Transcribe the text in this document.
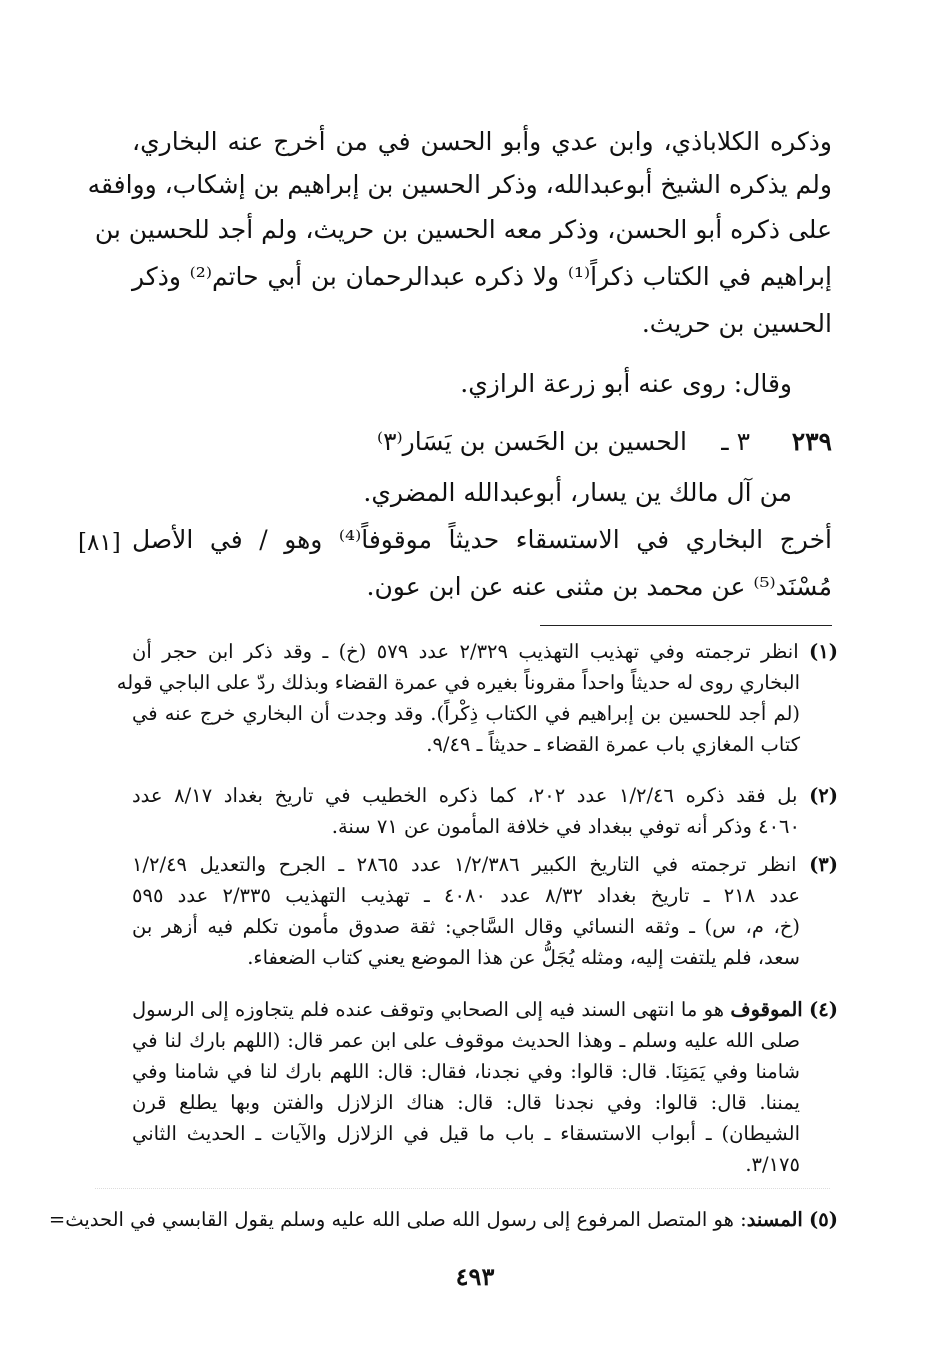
وذكره الكلاباذي، وابن عدي وأبو الحسن في من أخرج عنه البخاري،
ولم يذكره الشيخ أبوعبدالله، وذكر الحسين بن إبراهيم بن إشكاب، ووافقه
على ذكره أبو الحسن، وذكر معه الحسين بن حريث، ولم أجد للحسين بن
إبراهيم في الكتاب ذكراً⁽¹⁾ ولا ذكره عبدالرحمان بن أبي حاتم⁽²⁾ وذكر
الحسين بن حريث.
وقال: روى عنه أبو زرعة الرازي.
٢٣٩
٣ ـ
الحسين بن الحَسن بن يَسَار⁽٣⁾
من آل مالك ين يسار، أبوعبدالله المضري.
أخرج البخاري في الاستسقاء حديثاً موقوفاً⁽⁴⁾ وهو / في الأصل
مُسْنَد⁽⁵⁾ عن محمد بن مثنى عنه عن ابن عون.
[٨١]
(١) انظر ترجمته وفي تهذيب التهذيب ٢/٣٢٩ عدد ٥٧٩ (خ) ـ وقد ذكر ابن حجر أن
البخاري روى له حديثاً واحداً مقروناً بغيره في عمرة القضاء وبذلك ردّ على الباجي قوله
(لم أجد للحسين بن إبراهيم في الكتاب ذِكْراً). وقد وجدت أن البخاري خرج عنه في
كتاب المغازي باب عمرة القضاء ـ حديثاً ـ ٩/٤٩.
(٢) بل فقد ذكره ١/٢/٤٦ عدد ٢٠٢، كما ذكره الخطيب في تاريخ بغداد ٨/١٧ عدد
٤٠٦٠ وذكر أنه توفي ببغداد في خلافة المأمون عن ٧١ سنة.
(٣) انظر ترجمته في التاريخ الكبير ١/٢/٣٨٦ عدد ٢٨٦٥ ـ الجرح والتعديل ١/٢/٤٩
عدد ٢١٨ ـ تاريخ بغداد ٨/٣٢ عدد ٤٠٨٠ ـ تهذيب التهذيب ٢/٣٣٥ عدد ٥٩٥
(خ، م، س) ـ وثقه النسائي وقال السَّاجي: ثقة صدوق مأمون تكلم فيه أزهر بن
سعد، فلم يلتفت إليه، ومثله يُجَلُّ عن هذا الموضع يعني كتاب الضعفاء.
(٤) الموقوف هو ما انتهى السند فيه إلى الصحابي وتوقف عنده فلم يتجاوزه إلى الرسول
صلى الله عليه وسلم ـ وهذا الحديث موقوف على ابن عمر قال: (اللهم بارك لنا في
شامنا وفي يَمَنِنَا. قال: قالوا: وفي نجدنا، فقال: قال: اللهم بارك لنا في شامنا وفي
يمننا. قال: قالوا: وفي نجدنا قال: قال: هناك الزلازل والفتن وبها يطلع قرن
الشيطان) ـ أبواب الاستسقاء ـ باب ما قيل في الزلازل والآيات ـ الحديث الثاني
٣/١٧٥.
(٥) المسند: هو المتصل المرفوع إلى رسول الله صلى الله عليه وسلم يقول القابسي في الحديث=
٤٩٣
